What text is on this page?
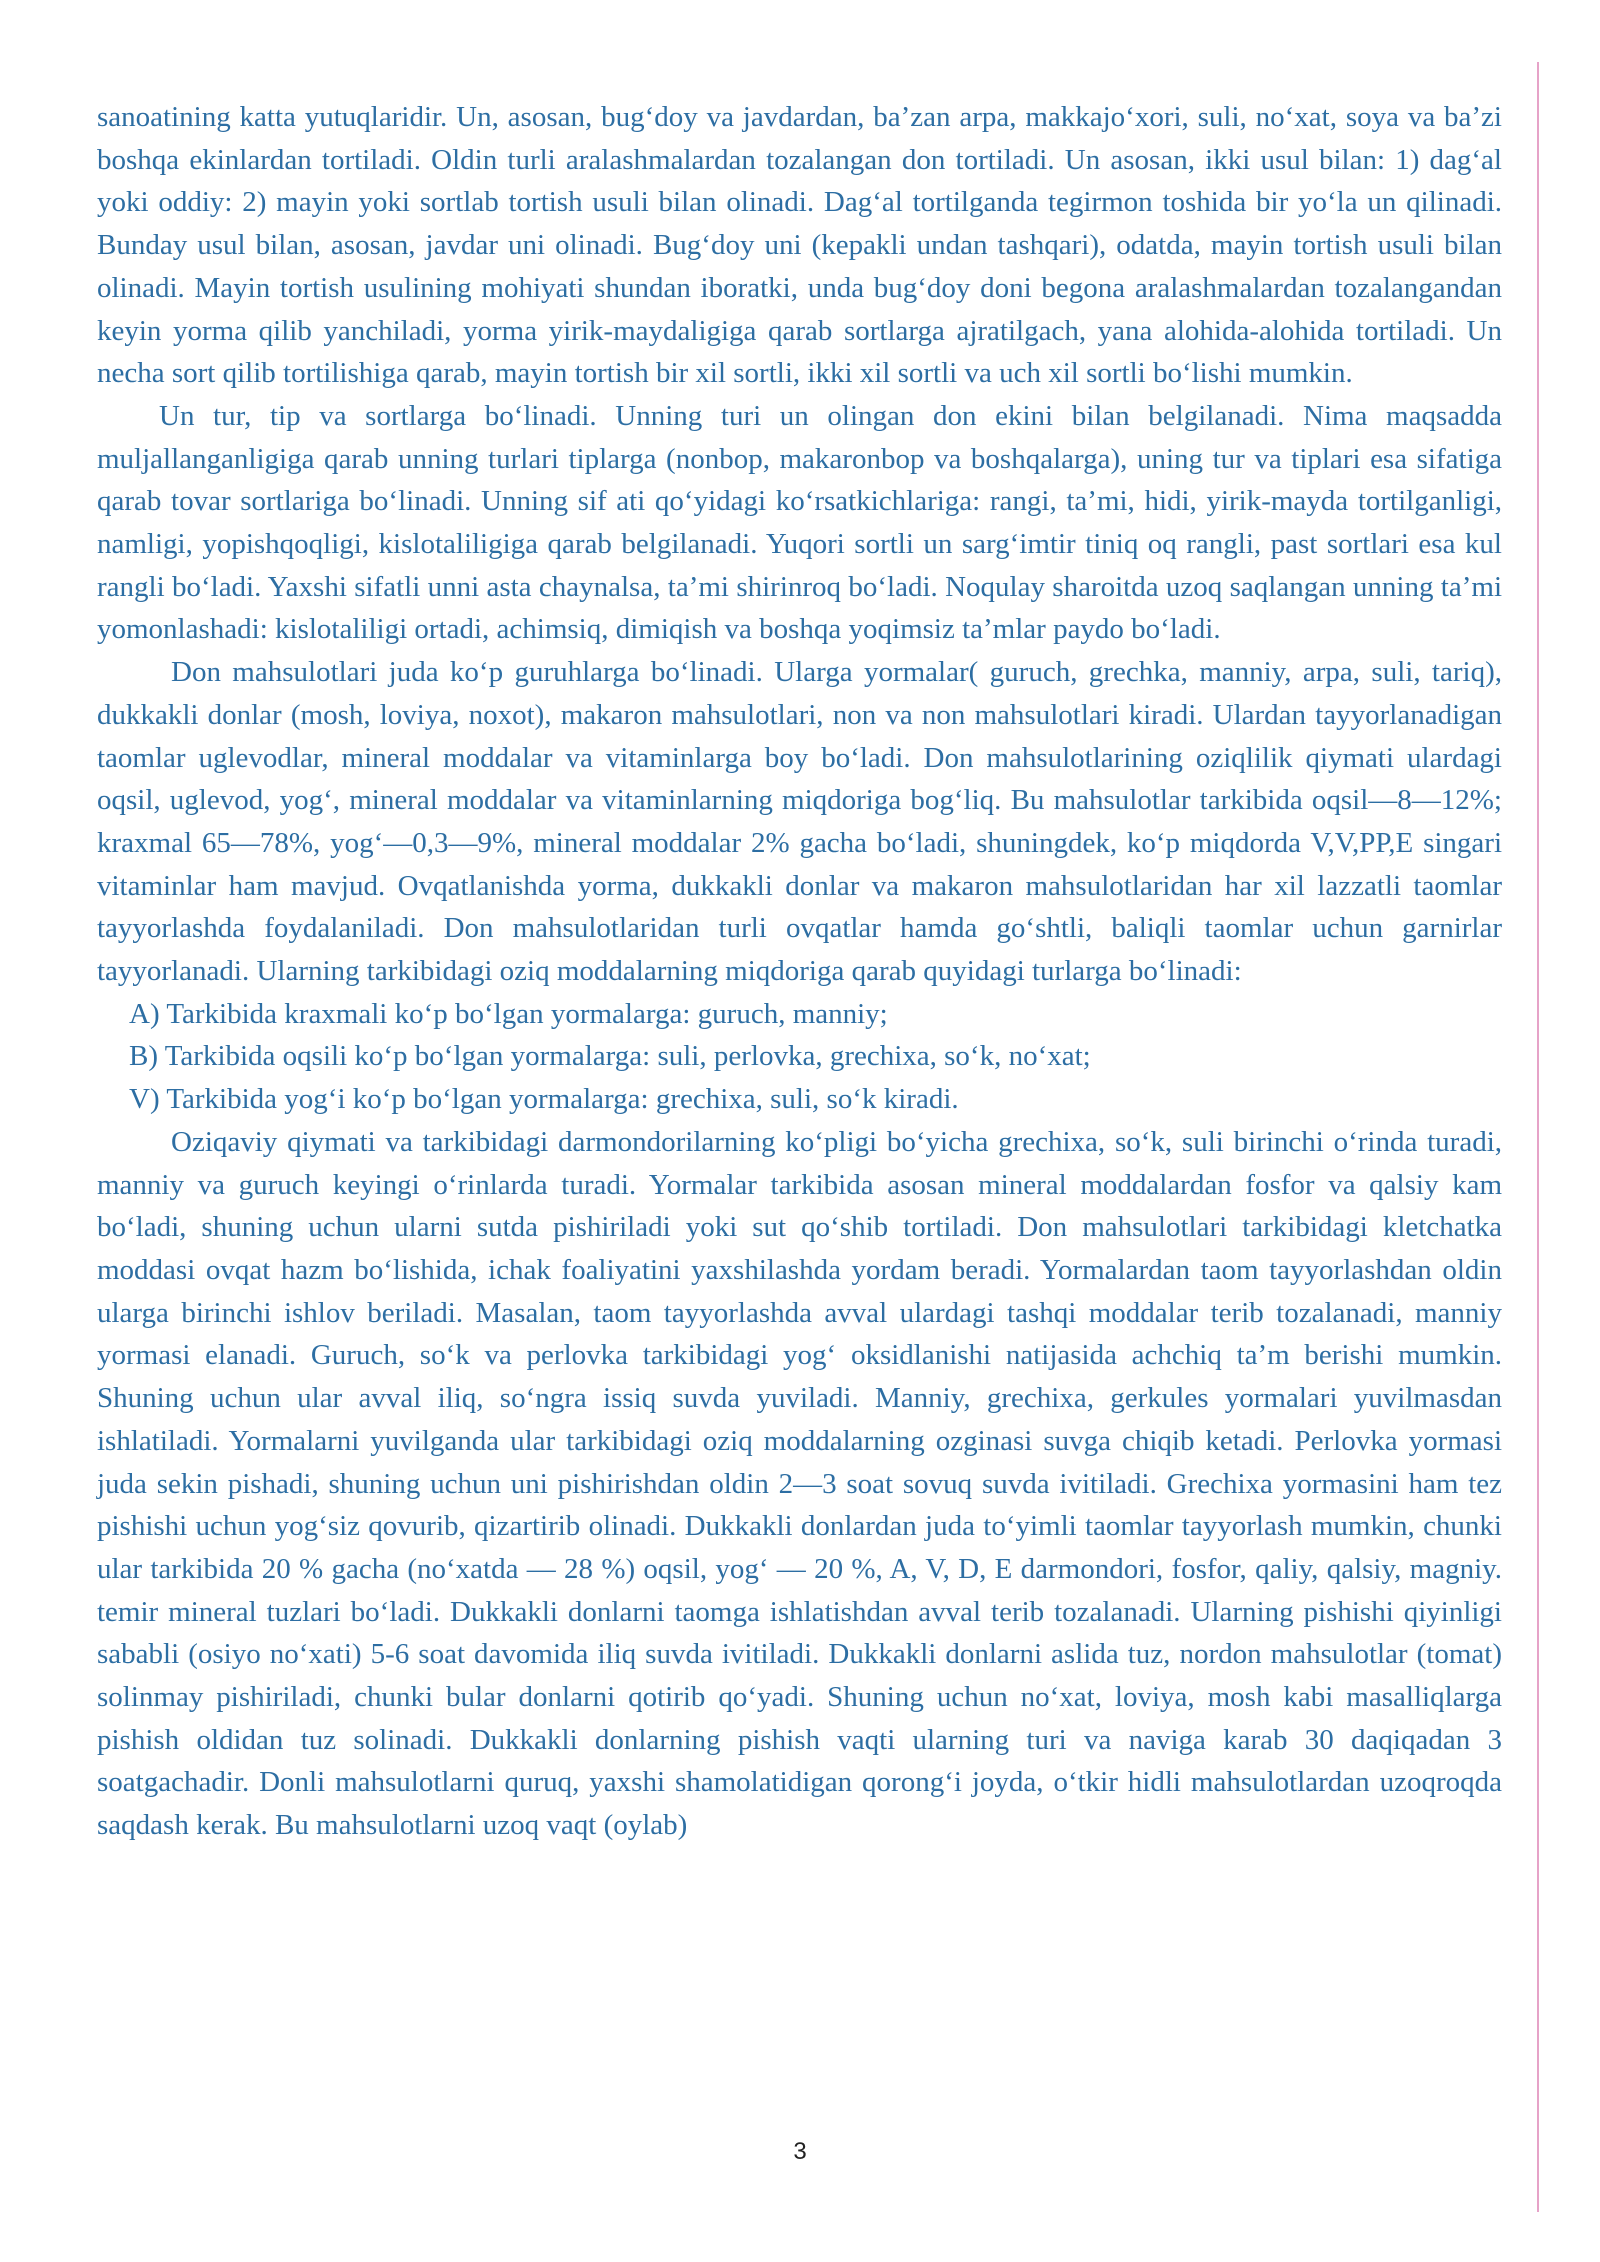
sanoatining katta yutuqlaridir. Un, asosan, bug‘doy va javdardan, ba’zan arpa, makkajo‘xori, suli, no‘xat, soya va ba’zi boshqa ekinlardan tortiladi. Oldin turli aralashmalardan tozalangan don tortiladi. Un asosan, ikki usul bilan: 1) dag‘al yoki oddiy: 2) mayin yoki sortlab tortish usuli bilan olinadi. Dag‘al tortilganda tegirmon toshida bir yo‘la un qilinadi. Bunday usul bilan, asosan, javdar uni olinadi. Bug‘doy uni (kepakli undan tashqari), odatda, mayin tortish usuli bilan olinadi. Mayin tortish usulining mohiyati shundan iboratki, unda bug‘doy doni begona aralashmalardan tozalangandan keyin yorma qilib yanchiladi, yorma yirik-maydaligiga qarab sortlarga ajratilgach, yana alohida-alohida tortiladi. Un necha sort qilib tortilishiga qarab, mayin tortish bir xil sortli, ikki xil sortli va uch xil sortli bo‘lishi mumkin.

Un tur, tip va sortlarga bo‘linadi. Unning turi un olingan don ekini bilan belgilanadi. Nima maqsadda muljallanganligiga qarab unning turlari tiplarga (nonbop, makaronbop va boshqalarga), uning tur va tiplari esa sifatiga qarab tovar sortlariga bo‘linadi. Unning sif ati qo‘yidagi ko‘rsatkichlariga: rangi, ta’mi, hidi, yirik-mayda tortilganligi, namligi, yopishqoqligi, kislotaliligiga qarab belgilanadi. Yuqori sortli un sarg‘imtir tiniq oq rangli, past sortlari esa kul rangli bo‘ladi. Yaxshi sifatli unni asta chaynalsa, ta’mi shirinroq bo‘ladi. Noqulay sharoitda uzoq saqlangan unning ta’mi yomonlashadi: kislotaliligi ortadi, achimsiq, dimiqish va boshqa yoqimsiz ta’mlar paydo bo‘ladi.

Don mahsulotlari juda ko‘p guruhlarga bo‘linadi. Ularga yormalar( guruch, grechka, manniy, arpa, suli, tariq), dukkakli donlar (mosh, loviya, noxot), makaron mahsulotlari, non va non mahsulotlari kiradi. Ulardan tayyorlanadigan taomlar uglevodlar, mineral moddalar va vitaminlarga boy bo‘ladi. Don mahsulotlarining oziqlilik qiymati ulardagi oqsil, uglevod, yog‘, mineral moddalar va vitaminlarning miqdoriga bog‘liq. Bu mahsulotlar tarkibida oqsil—8—12%; kraxmal 65—78%, yog‘—0,3—9%, mineral moddalar 2% gacha bo‘ladi, shuningdek, ko‘p miqdorda V,V,PP,E singari vitaminlar ham mavjud. Ovqatlanishda yorma, dukkakli donlar va makaron mahsulotlaridan har xil lazzatli taomlar tayyorlashda foydalaniladi. Don mahsulotlaridan turli ovqatlar hamda go‘shtli, baliqli taomlar uchun garnirlar tayyorlanadi. Ularning tarkibidagi oziq moddalarning miqdoriga qarab quyidagi turlarga bo‘linadi:

A) Tarkibida kraxmali ko‘p bo‘lgan yormalarga: guruch, manniy;

B) Tarkibida oqsili ko‘p bo‘lgan yormalarga: suli, perlovka, grechixa, so‘k, no‘xat;

V) Tarkibida yog‘i ko‘p bo‘lgan yormalarga: grechixa, suli, so‘k kiradi.

Oziqaviy qiymati va tarkibidagi darmondorilarning ko‘pligi bo‘yicha grechixa, so‘k, suli birinchi o‘rinda turadi, manniy va guruch keyingi o‘rinlarda turadi. Yormalar tarkibida asosan mineral moddalardan fosfor va qalsiy kam bo‘ladi, shuning uchun ularni sutda pishiriladi yoki sut qo‘shib tortiladi. Don mahsulotlari tarkibidagi kletchatka moddasi ovqat hazm bo‘lishida, ichak foaliyatini yaxshilashda yordam beradi. Yormalardan taom tayyorlashdan oldin ularga birinchi ishlov beriladi. Masalan, taom tayyorlashda avval ulardagi tashqi moddalar terib tozalanadi, manniy yormasi elanadi. Guruch, so‘k va perlovka tarkibidagi yog‘ oksidlanishi natijasida achchiq ta’m berishi mumkin. Shuning uchun ular avval iliq, so‘ngra issiq suvda yuviladi. Manniy, grechixa, gerkules yormalari yuvilmasdan ishlatiladi. Yormalarni yuvilganda ular tarkibidagi oziq moddalarning ozginasi suvga chiqib ketadi. Perlovka yormasi juda sekin pishadi, shuning uchun uni pishirishdan oldin 2—3 soat sovuq suvda ivitiladi. Grechixa yormasini ham tez pishishi uchun yog‘siz qovurib, qizartirib olinadi. Dukkakli donlardan juda to‘yimli taomlar tayyorlash mumkin, chunki ular tarkibida 20 % gacha (no‘xatda — 28 %) oqsil, yog‘ — 20 %, A, V, D, E darmondori, fosfor, qaliy, qalsiy, magniy. temir mineral tuzlari bo‘ladi. Dukkakli donlarni taomga ishlatishdan avval terib tozalanadi. Ularning pishishi qiyinligi sababli (osiyo no‘xati) 5-6 soat davomida iliq suvda ivitiladi. Dukkakli donlarni aslida tuz, nordon mahsulotlar (tomat) solinmay pishiriladi, chunki bular donlarni qotirib qo‘yadi. Shuning uchun no‘xat, loviya, mosh kabi masalliqlarga pishish oldidan tuz solinadi. Dukkakli donlarning pishish vaqti ularning turi va naviga karab 30 daqiqadan 3 soatgachadir. Donli mahsulotlarni quruq, yaxshi shamolatidigan qorong‘i joyda, o‘tkir hidli mahsulotlardan uzoqroqda saqdash kerak. Bu mahsulotlarni uzoq vaqt (oylab)

3
